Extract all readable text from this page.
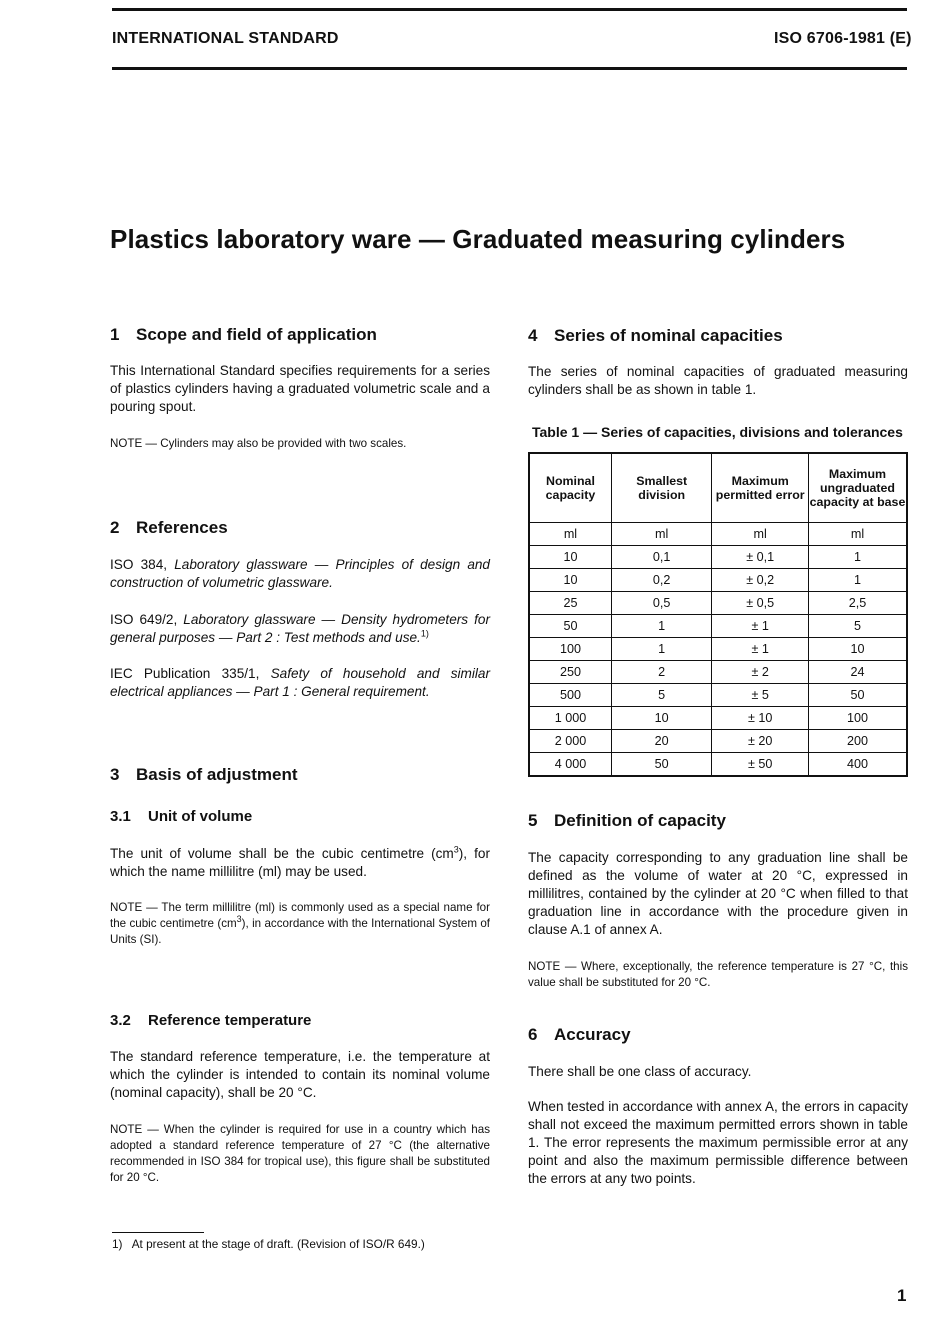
INTERNATIONAL STANDARD	ISO 6706-1981 (E)
Plastics laboratory ware — Graduated measuring cylinders
1 Scope and field of application

This International Standard specifies requirements for a series of plastics cylinders having a graduated volumetric scale and a pouring spout.

NOTE — Cylinders may also be provided with two scales.

2 References

ISO 384, Laboratory glassware — Principles of design and construction of volumetric glassware.

ISO 649/2, Laboratory glassware — Density hydrometers for general purposes — Part 2 : Test methods and use.$^{1)}$

IEC Publication 335/1, Safety of household and similar electrical appliances — Part 1 : General requirement.

3 Basis of adjustment
3.1 Unit of volume

The unit of volume shall be the cubic centimetre $(cm^3)$, for which the name millilitre (ml) may be used.

NOTE — The term millilitre (ml) is commonly used as a special name for the cubic centimetre $(cm^3)$, in accordance with the International System of Units (SI).

3.2 Reference temperature

The standard reference temperature, i.e. the temperature at which the cylinder is intended to contain its nominal volume (nominal capacity), shall be 20 °C.

NOTE — When the cylinder is required for use in a country which has adopted a standard reference temperature of 27 °C (the alternative recommended in ISO 384 for tropical use), this figure shall be substituted for 20 °C.

4 Series of nominal capacities

The series of nominal capacities of graduated measuring cylinders shall be as shown in table 1.

Table 1 — Series of capacities, divisions and tolerances
5 Definition of capacity

The capacity corresponding to any graduation line shall be defined as the volume of water at 20 °C, expressed in millilitres, contained by the cylinder at 20 °C when filled to that graduation line in accordance with the procedure given in clause A.1 of annex A.

NOTE — Where, exceptionally, the reference temperature is 27 °C, this value shall be substituted for 20 °C.

6 Accuracy

There shall be one class of accuracy.

When tested in accordance with annex A, the errors in capacity shall not exceed the maximum permitted errors shown in table 1. The error represents the maximum permissible error at any point and also the maximum permissible difference between the errors at any two points.

Nominal capacity	Smallest division	Maximum permitted error	Maximum ungraduated capacity at base
ml	ml	ml	ml
10	0,1	± 0,1	1
10	0,2	± 0,2	1
25	0,5	± 0,5	2,5
50	1	± 1	5
100	1	± 1	10
250	2	± 2	24
500	5	± 5	50
1 000	10	± 10	100
2 000	20	± 20	200
4 000	50	± 50	400
1) At present at the stage of draft. (Revision of ISO/R 649.)
1
